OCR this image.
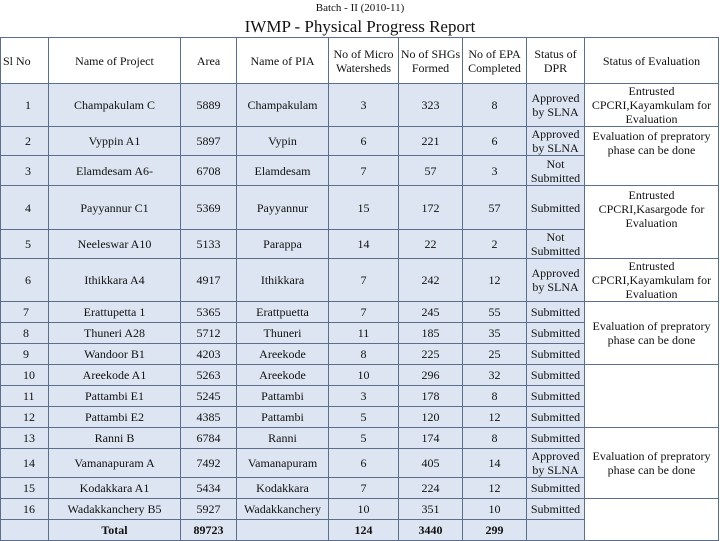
Batch - II (2010-11)
IWMP - Physical Progress Report
Sl No	Name of Project	Area	Name of PIA	No of Micro Watersheds	No of SHGs Formed	No of EPA Completed	Status of DPR	Status of Evaluation
1	Champakulam C	5889	Champakulam	3	323	8	Approved by SLNA	Entrusted CPCRI,Kayamkulam for Evaluation
2	Vyppin A1	5897	Vypin	6	221	6	Approved by SLNA	Evaluation of prepratory phase can be done
3	Elamdesam A6-	6708	Elamdesam	7	57	3	Not Submitted	
4	Payyannur C1	5369	Payyannur	15	172	57	Submitted	Entrusted CPCRI,Kasargode for Evaluation
5	Neeleswar A10	5133	Parappa	14	22	2	Not Submitted	
6	Ithikkara A4	4917	Ithikkara	7	242	12	Approved by SLNA	Entrusted CPCRI,Kayamkulam for Evaluation
7	Erattupetta 1	5365	Erattpuetta	7	245	55	Submitted	Evaluation of prepratory phase can be done
8	Thuneri A28	5712	Thuneri	11	185	35	Submitted	
9	Wandoor B1	4203	Areekode	8	225	25	Submitted	
10	Areekode A1	5263	Areekode	10	296	32	Submitted	
11	Pattambi E1	5245	Pattambi	3	178	8	Submitted	
12	Pattambi E2	4385	Pattambi	5	120	12	Submitted	
13	Ranni B	6784	Ranni	5	174	8	Submitted	Evaluation of prepratory phase can be done
14	Vamanapuram A	7492	Vamanapuram	6	405	14	Approved by SLNA	
15	Kodakkara A1	5434	Kodakkara	7	224	12	Submitted	
16	Wadakkanchery B5	5927	Wadakkanchery	10	351	10	Submitted	
	Total	89723		124	3440	299		
